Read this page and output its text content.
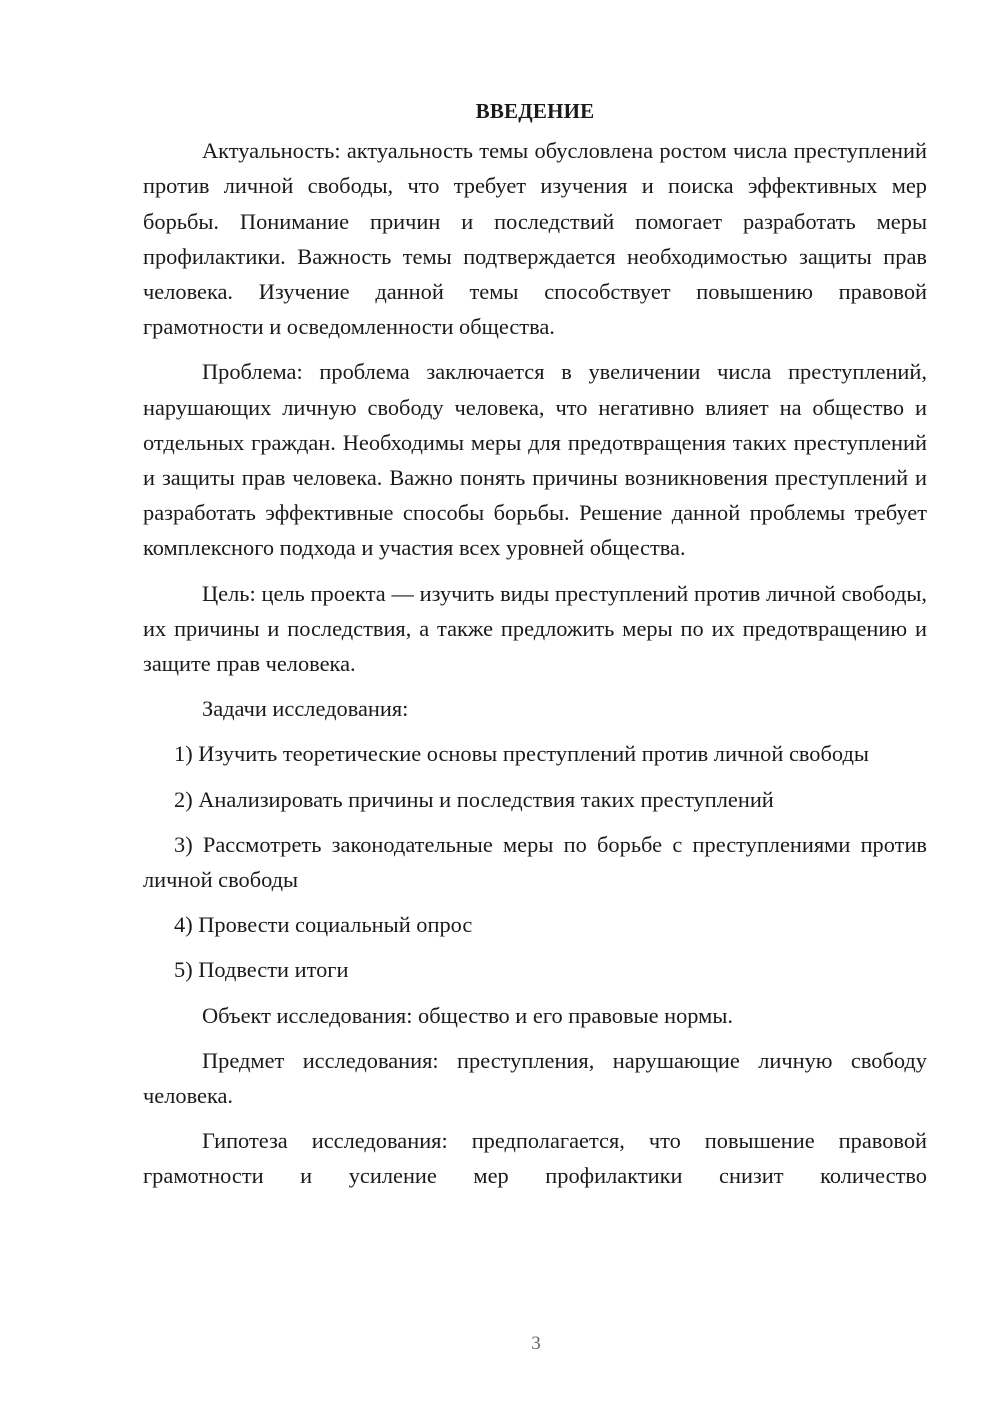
ВВЕДЕНИЕ

Актуальность: актуальность темы обусловлена ростом числа преступлений против личной свободы, что требует изучения и поиска эффективных мер борьбы. Понимание причин и последствий помогает разработать меры профилактики. Важность темы подтверждается необходимостью защиты прав человека. Изучение данной темы способствует повышению правовой грамотности и осведомленности общества.

Проблема: проблема заключается в увеличении числа преступлений, нарушающих личную свободу человека, что негативно влияет на общество и отдельных граждан. Необходимы меры для предотвращения таких преступлений и защиты прав человека. Важно понять причины возникновения преступлений и разработать эффективные способы борьбы. Решение данной проблемы требует комплексного подхода и участия всех уровней общества.

Цель: цель проекта — изучить виды преступлений против личной свободы, их причины и последствия, а также предложить меры по их предотвращению и защите прав человека.

Задачи исследования:

1) Изучить теоретические основы преступлений против личной свободы

2) Анализировать причины и последствия таких преступлений

3) Рассмотреть законодательные меры по борьбе с преступлениями против личной свободы

4) Провести социальный опрос

5) Подвести итоги

Объект исследования: общество и его правовые нормы.

Предмет исследования: преступления, нарушающие личную свободу человека.

Гипотеза исследования: предполагается, что повышение правовой грамотности и усиление мер профилактики снизит количество

3
